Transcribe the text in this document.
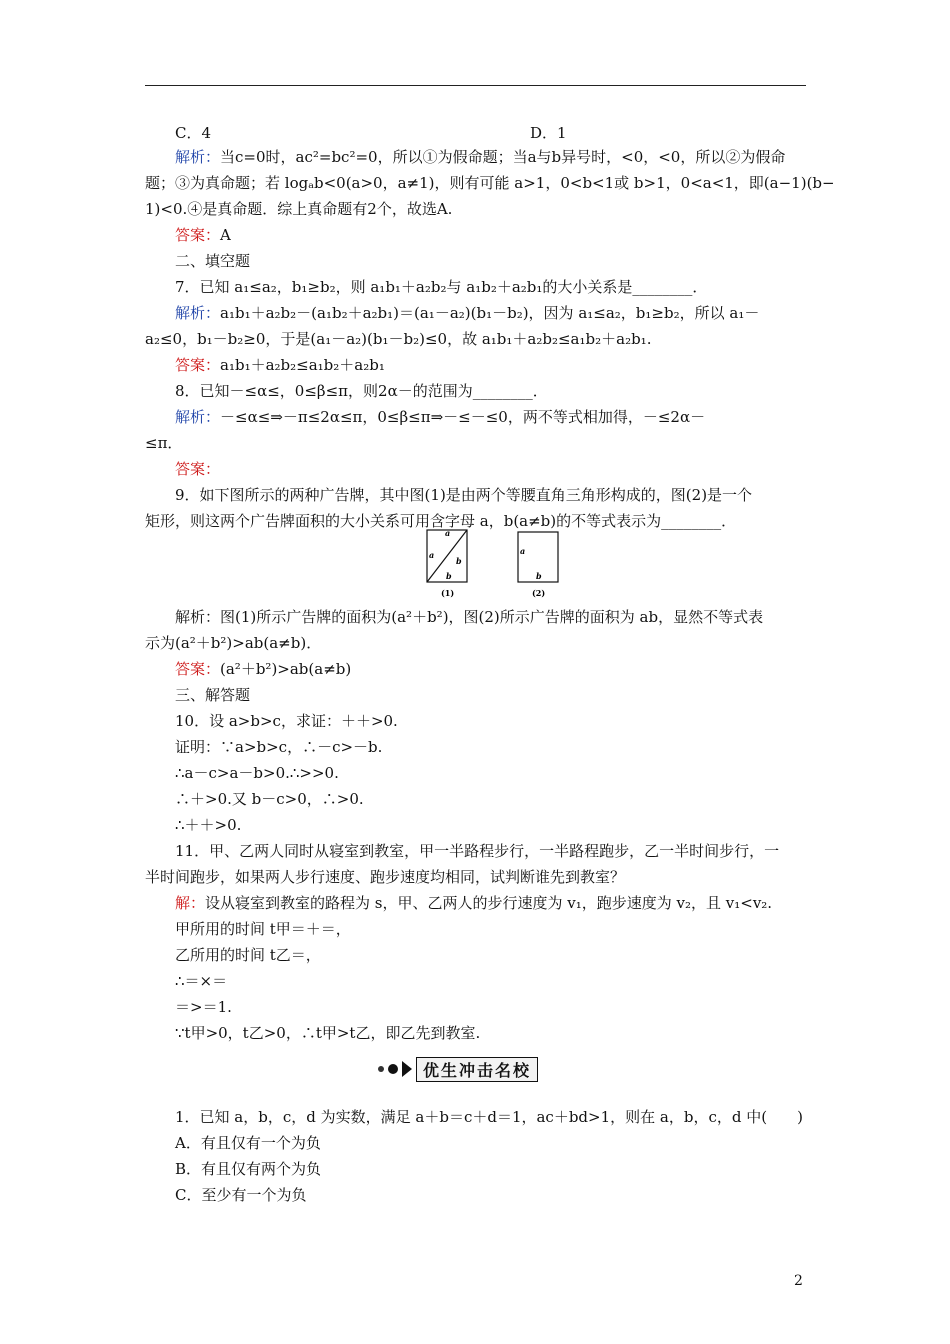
C．4	D．1
解析：当c=0时，ac²=bc²=0，所以①为假命题；当a与b异号时，<0，<0，所以②为假命
题；③为真命题；若 logₐb<0(a>0，a≠1)，则有可能 a>1，0<b<1或 b>1，0<a<1，即(a−1)(b−
1)<0.④是真命题．综上真命题有2个，故选A.
答案：A
二、填空题
7．已知 a₁≤a₂，b₁≥b₂，则 a₁b₁＋a₂b₂与 a₁b₂＋a₂b₁的大小关系是________．
解析：a₁b₁＋a₂b₂－(a₁b₂＋a₂b₁)＝(a₁－a₂)(b₁－b₂)，因为 a₁≤a₂，b₁≥b₂，所以 a₁－
a₂≤0，b₁－b₂≥0，于是(a₁－a₂)(b₁－b₂)≤0，故 a₁b₁＋a₂b₂≤a₁b₂＋a₂b₁.
答案：a₁b₁＋a₂b₂≤a₁b₂＋a₂b₁
8．已知－≤α≤，0≤β≤π，则2α－的范围为________．
解析：－≤α≤⇒－π≤2α≤π，0≤β≤π⇒－≤－≤0，两不等式相加得，－≤2α－
≤π．
答案：
9．如下图所示的两种广告牌，其中图(1)是由两个等腰直角三角形构成的，图(2)是一个
矩形，则这两个广告牌面积的大小关系可用含字母 a，b(a≠b)的不等式表示为________．
a
a
b
b
a
b
(1)	(2)
解析：图(1)所示广告牌的面积为(a²＋b²)，图(2)所示广告牌的面积为 ab，显然不等式表
示为(a²＋b²)>ab(a≠b)．
答案：(a²＋b²)>ab(a≠b)
三、解答题
10．设 a>b>c，求证：＋＋>0.
证明：∵a>b>c，∴－c>－b.
∴a－c>a－b>0.∴>>0.
∴＋>0.又 b－c>0，∴>0.
∴＋＋>0.
11．甲、乙两人同时从寝室到教室，甲一半路程步行，一半路程跑步，乙一半时间步行，一
半时间跑步，如果两人步行速度、跑步速度均相同，试判断谁先到教室？
解：设从寝室到教室的路程为 s，甲、乙两人的步行速度为 v₁，跑步速度为 v₂，且 v₁<v₂.
甲所用的时间 t甲＝＋＝，
乙所用的时间 t乙＝，
∴＝×＝
＝>＝1.
∵t甲>0，t乙>0，∴t甲>t乙，即乙先到教室.
优生冲击名校
1．已知 a，b，c，d 为实数，满足 a＋b＝c＋d＝1，ac＋bd>1，则在 a，b，c，d 中(　　)
A．有且仅有一个为负
B．有且仅有两个为负
C．至少有一个为负
2
